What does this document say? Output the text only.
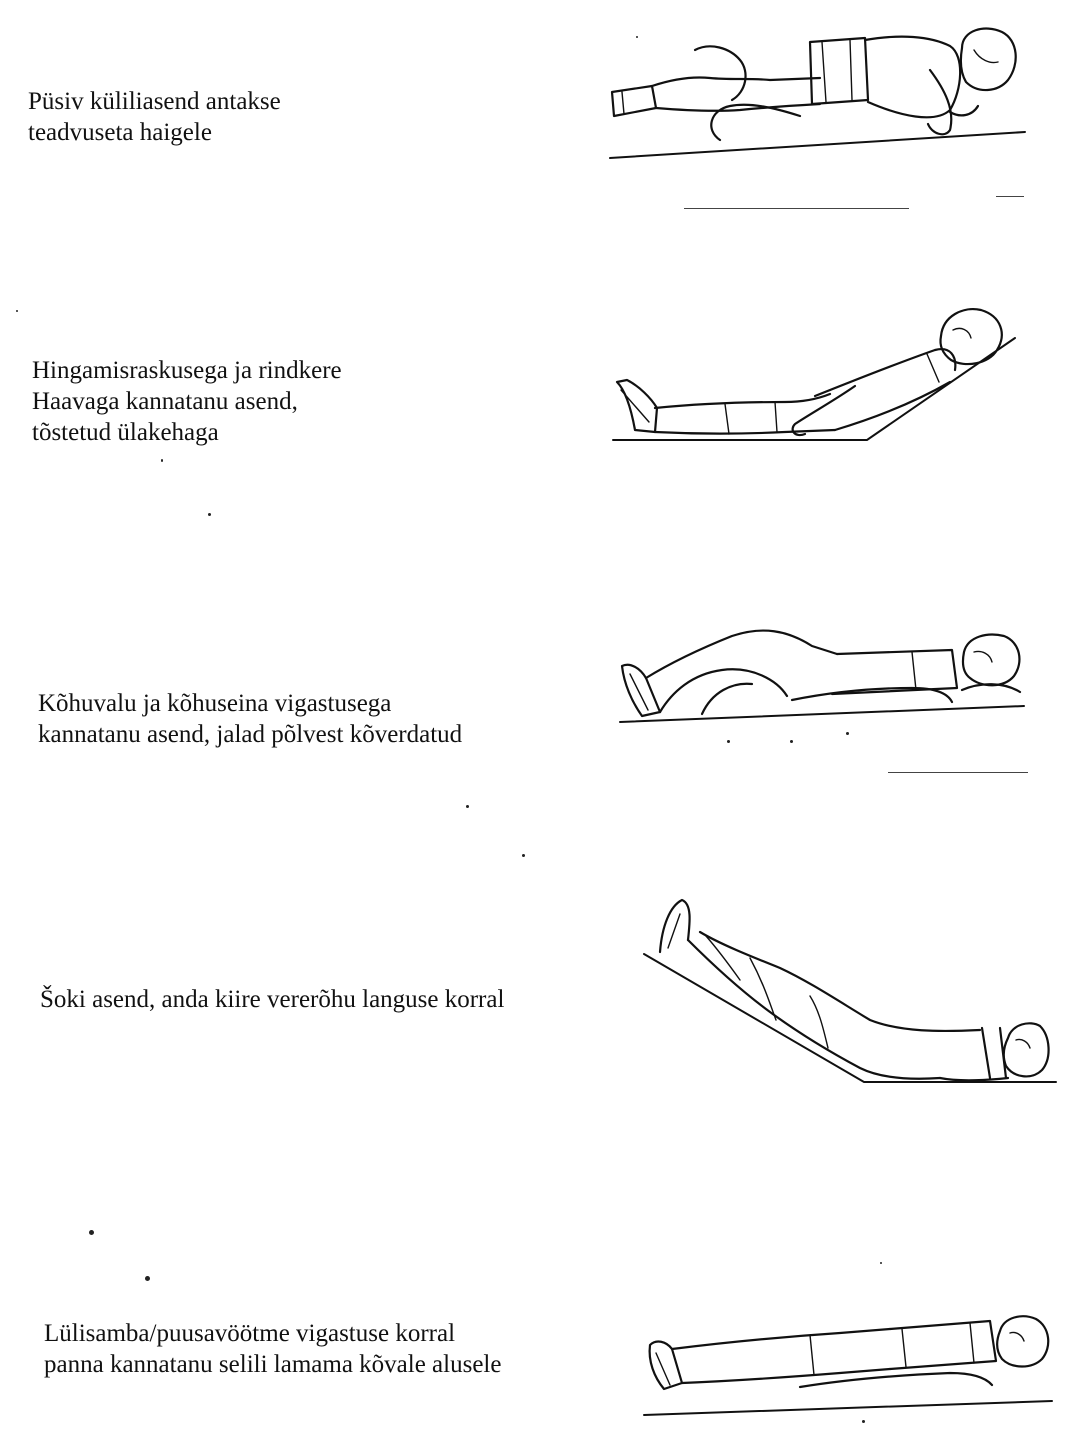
Püsiv küliliasend antakse
teadvuseta haigele

Hingamisraskusega ja rindkere
Haavaga kannatanu asend,
tõstetud ülakehaga

Kõhuvalu ja kõhuseina vigastusega
kannatanu asend, jalad põlvest kõverdatud

Šoki asend, anda kiire vererõhu languse korral

Lülisamba/puusavöötme vigastuse korral
panna kannatanu selili lamama kõvale alusele
